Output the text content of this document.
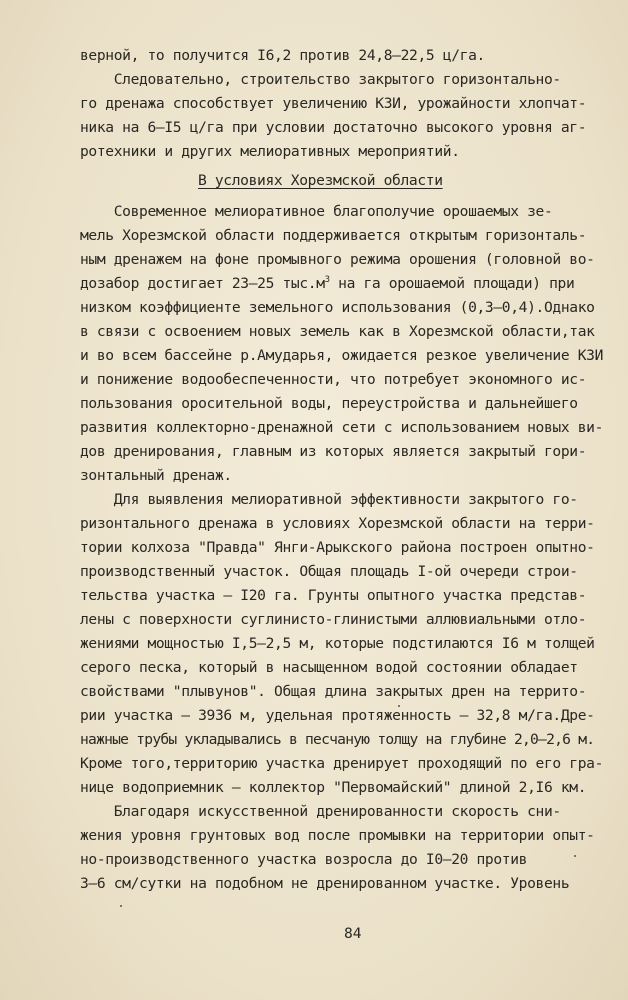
верной, то получится I6,2 против 24,8–22,5 ц/га.
Следовательно, строительство закрытого горизонтально-
го дренажа способствует увеличению КЗИ, урожайности хлопчат-
ника на 6–I5 ц/га при условии достаточно высокого уровня аг-
ротехники и других мелиоративных мероприятий.
В условиях Хорезмской области
Современное мелиоративное благополучие орошаемых зе-
мель Хорезмской области поддерживается открытым горизонталь-
ным дренажем на фоне промывного режима орошения (головной во-
дозабор достигает 23–25 $тыс.м^3$ на га орошаемой площади) при
низком коэффициенте земельного использования (0,3–0,4).Однако
в связи с освоением новых земель как в Хорезмской области,так
и во всем бассейне р.Амударья, ожидается резкое увеличение КЗИ
и понижение водообеспеченности, что потребует экономного ис-
пользования оросительной воды, переустройства и дальнейшего
развития коллекторно-дренажной сети с использованием новых ви-
дов дренирования, главным из которых является закрытый гори-
зонтальный дренаж.
Для выявления мелиоративной эффективности закрытого го-
ризонтального дренажа в условиях Хорезмской области на терри-
тории колхоза "Правда" Янги-Арыкского района построен опытно-
производственный участок. Общая площадь I-ой очереди строи-
тельства участка – I20 га. Грунты опытного участка представ-
лены с поверхности суглинисто-глинистыми аллювиальными отло-
жениями мощностью I,5–2,5 м, которые подстилаются I6 м толщей
серого песка, который в насыщенном водой состоянии обладает
свойствами "плывунов". Общая длина закрытых дрен на террито-
рии участка – 3936 м, удельная протяженность – 32,8 м/га.Дре-
нажные трубы укладывались в песчаную толщу на глубине 2,0–2,6 м.
Кроме того,территорию участка дренирует проходящий по его гра-
нице водоприемник – коллектор "Первомайский" длиной 2,I6 км.
Благодаря искусственной дренированности скорость сни-
жения уровня грунтовых вод после промывки на территории опыт-
но-производственного участка возросла до I0–20 против
3–6 см/сутки на подобном не дренированном участке. Уровень
84
